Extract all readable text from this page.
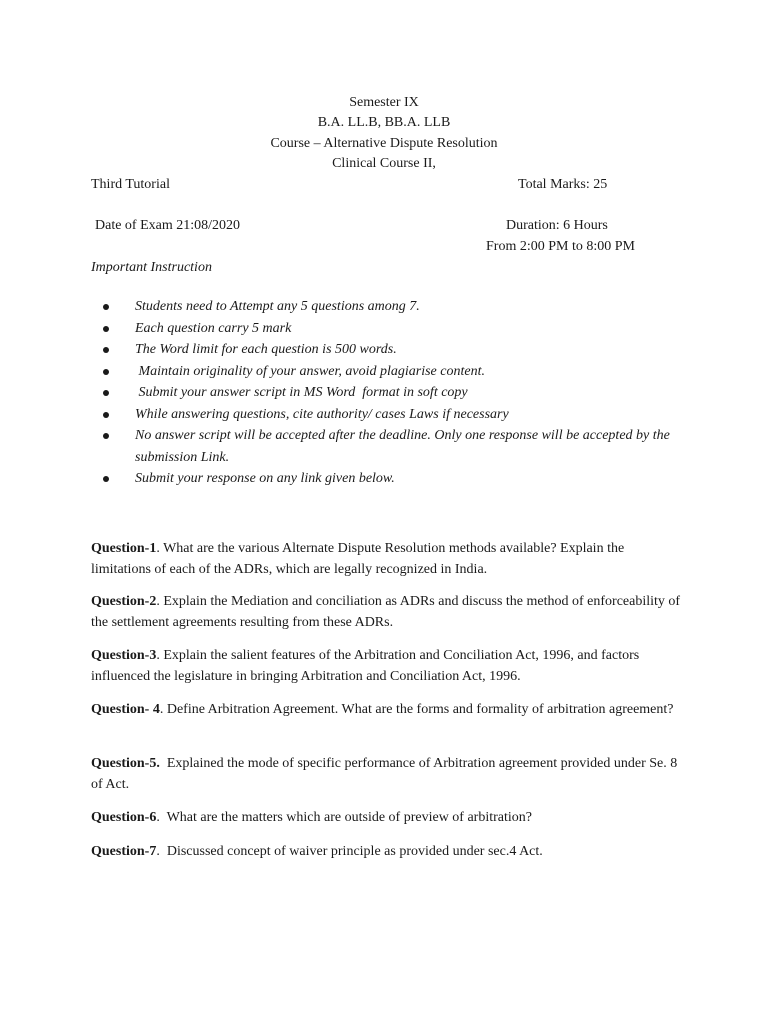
Semester IX
B.A. LL.B, BB.A. LLB
Course – Alternative Dispute Resolution
Clinical Course II,
Third Tutorial	Total Marks: 25
Date of Exam 21:08/2020	Duration: 6 Hours
From 2:00 PM to 8:00 PM
Important Instruction
Students need to Attempt any 5 questions among 7.
Each question carry 5 mark
The Word limit for each question is 500 words.
Maintain originality of your answer, avoid plagiarise content.
Submit your answer script in MS Word  format in soft copy
While answering questions, cite authority/ cases Laws if necessary
No answer script will be accepted after the deadline. Only one response will be accepted by the submission Link.
Submit your response on any link given below.
Question-1. What are the various Alternate Dispute Resolution methods available? Explain the limitations of each of the ADRs, which are legally recognized in India.
Question-2. Explain the Mediation and conciliation as ADRs and discuss the method of enforceability of the settlement agreements resulting from these ADRs.
Question-3. Explain the salient features of the Arbitration and Conciliation Act, 1996, and factors influenced the legislature in bringing Arbitration and Conciliation Act, 1996.
Question- 4. Define Arbitration Agreement. What are the forms and formality of arbitration agreement?
Question-5.  Explained the mode of specific performance of Arbitration agreement provided under Se. 8 of Act.
Question-6.  What are the matters which are outside of preview of arbitration?
Question-7.  Discussed concept of waiver principle as provided under sec.4 Act.
